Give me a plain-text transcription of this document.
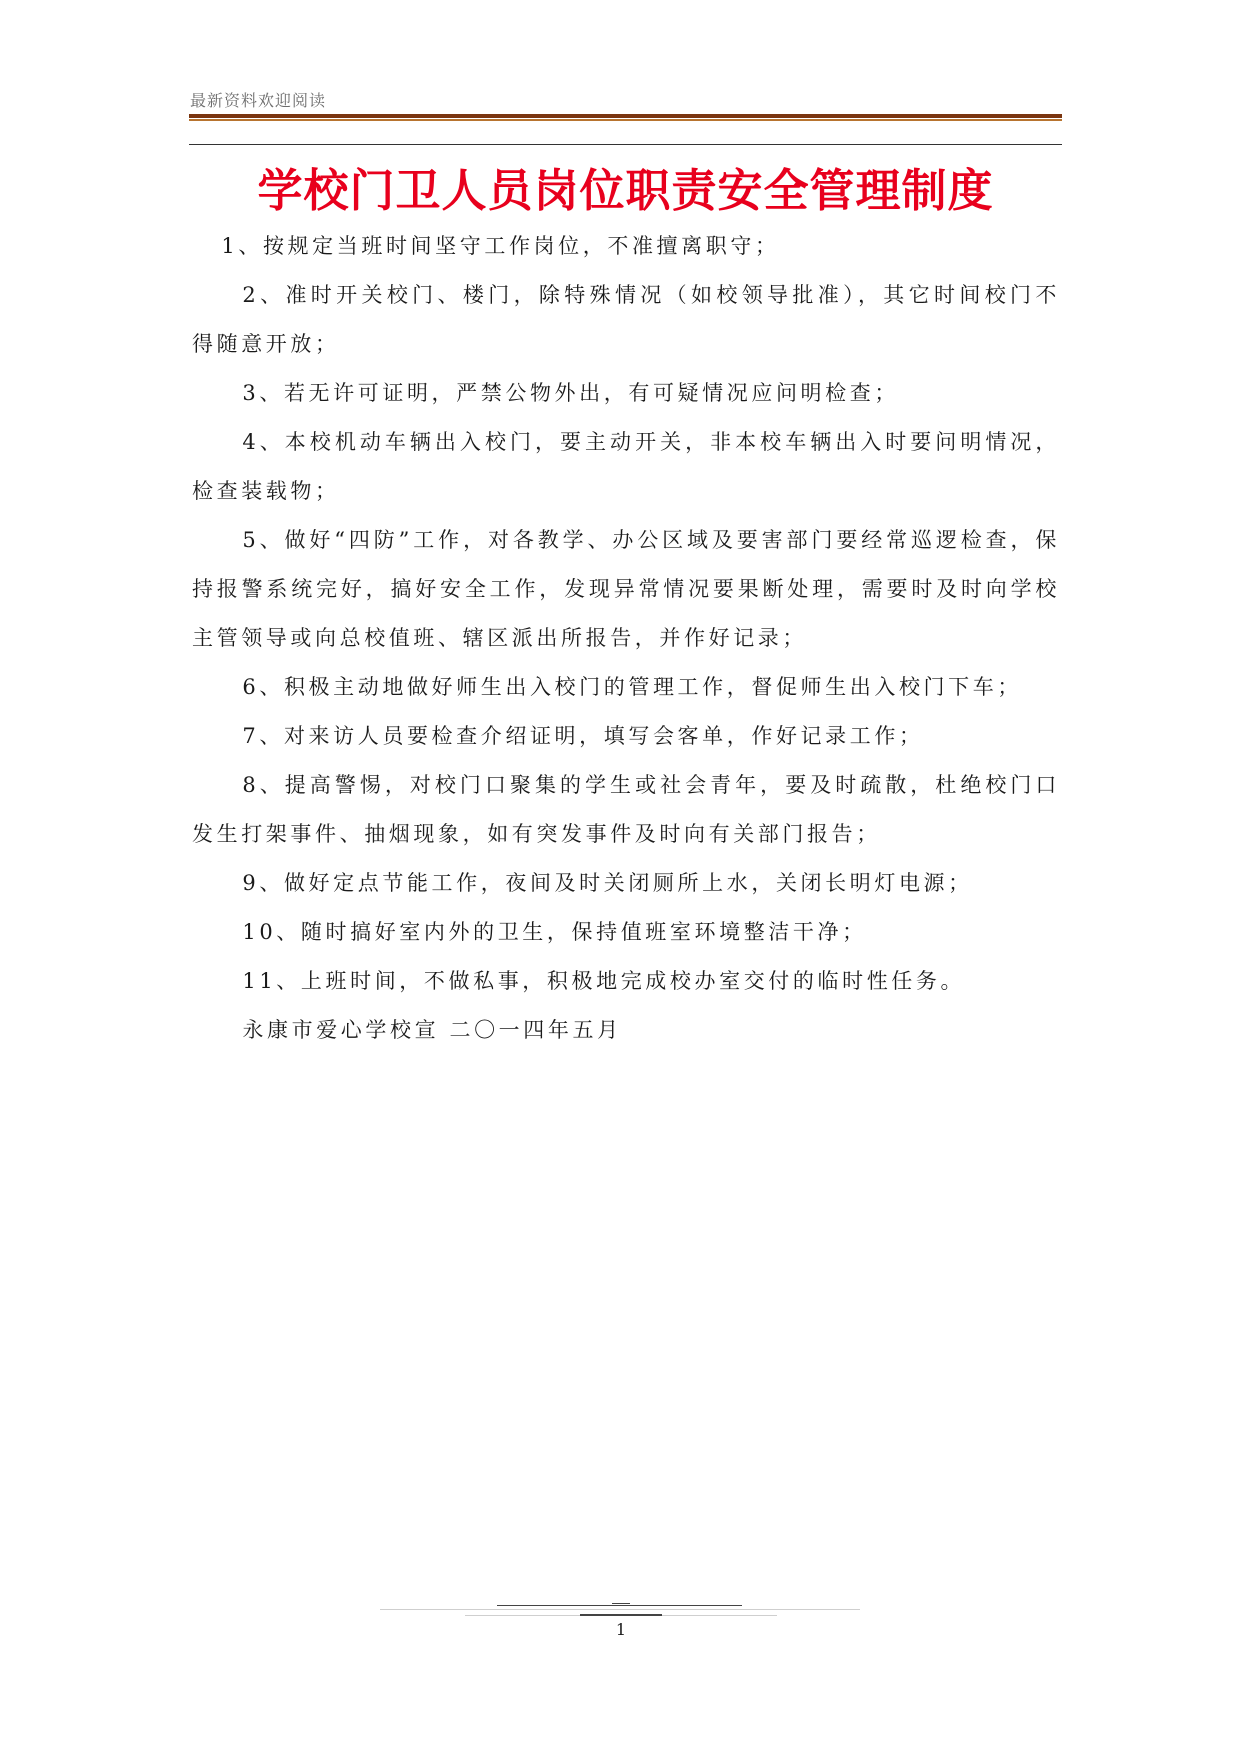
最新资料欢迎阅读
学校门卫人员岗位职责安全管理制度

1、按规定当班时间坚守工作岗位，不准擅离职守；

2、准时开关校门、楼门，除特殊情况（如校领导批准），其它时间校门不得随意开放；

3、若无许可证明，严禁公物外出，有可疑情况应问明检查；

4、本校机动车辆出入校门，要主动开关，非本校车辆出入时要问明情况，检查装载物；

5、做好“四防”工作，对各教学、办公区域及要害部门要经常巡逻检查，保持报警系统完好，搞好安全工作，发现异常情况要果断处理，需要时及时向学校主管领导或向总校值班、辖区派出所报告，并作好记录；

6、积极主动地做好师生出入校门的管理工作，督促师生出入校门下车；

7、对来访人员要检查介绍证明，填写会客单，作好记录工作；

8、提高警惕，对校门口聚集的学生或社会青年，要及时疏散，杜绝校门口发生打架事件、抽烟现象，如有突发事件及时向有关部门报告；

9、做好定点节能工作，夜间及时关闭厕所上水，关闭长明灯电源；

10、随时搞好室内外的卫生，保持值班室环境整洁干净；

11、上班时间，不做私事，积极地完成校办室交付的临时性任务。

永康市爱心学校宣 二〇一四年五月

1
